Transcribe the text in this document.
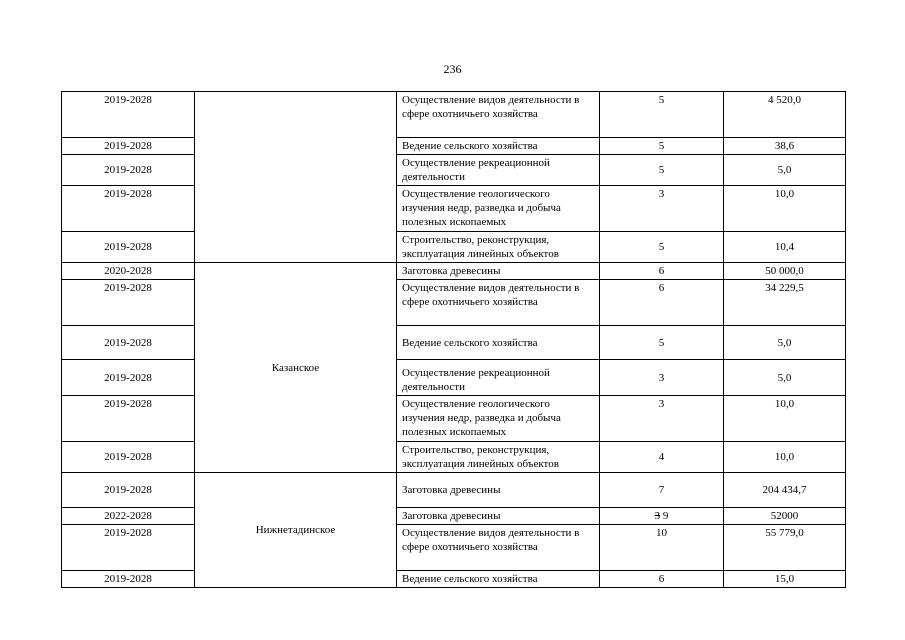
236
2019-2028		Осуществление видов деятельности в сфере охотничьего хозяйства	5	4 520,0
2019-2028		Ведение сельского хозяйства	5	38,6
2019-2028		Осуществление рекреационной деятельности	5	5,0
2019-2028		Осуществление геологического изучения недр, разведка и добыча полезных ископаемых	3	10,0
2019-2028		Строительство, реконструкция, эксплуатация линейных объектов	5	10,4
2020-2028	Казанское	Заготовка древесины	6	50 000,0
2019-2028		Осуществление видов деятельности в сфере охотничьего хозяйства	6	34 229,5
2019-2028		Ведение сельского хозяйства	5	5,0
2019-2028		Осуществление рекреационной деятельности	3	5,0
2019-2028		Осуществление геологического изучения недр, разведка и добыча полезных ископаемых	3	10,0
2019-2028		Строительство, реконструкция, эксплуатация линейных объектов	4	10,0
2019-2028	Нижнетадинское	Заготовка древесины	7	204 434,7
2022-2028		Заготовка древесины	3 9	52000
2019-2028		Осуществление видов деятельности в сфере охотничьего хозяйства	10	55 779,0
2019-2028		Ведение сельского хозяйства	6	15,0
